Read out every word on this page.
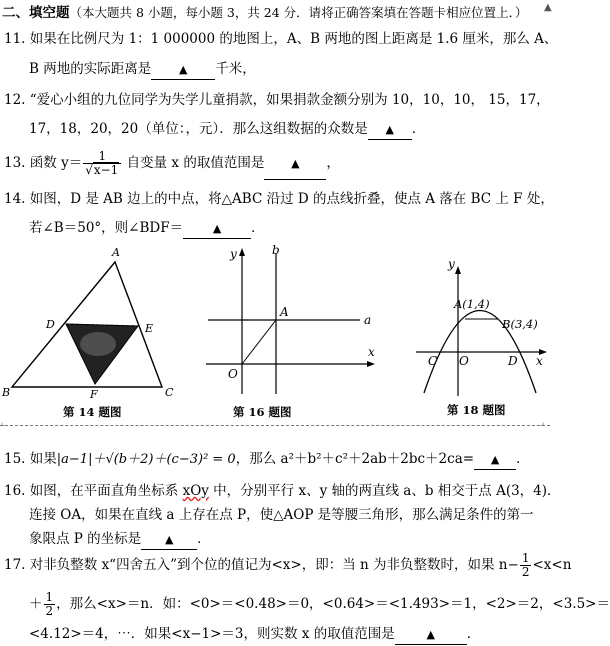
二、填空题（本大题共 8 小题，每小题 3，共 24 分．请将正确答案填在答题卡相应位置上．） ▲
11. 如果在比例尺为 1：1 000000 的地图上，A、B 两地的图上距离是 1.6 厘米，那么 A、
B 两地的实际距离是	▲ 千米，
12. “爱心小组的九位同学为失学儿童捐款，如果捐款金额分别为 10，10，10， 15，17，
17，18，20，20（单位：，元）．那么这组数据的众数是 ▲ ．
13. 函数 $y= \frac{1}{√x-1}$ 自变量 x 的取值范围是 ▲ ，
14. 如图，D 是 AB 边上的中点，将△ABC 沿过 D 的点线折叠，使点 A 落在 BC 上 F 处，
若∠B＝50°，则∠BDF＝	▲ ．
A
B	C
D	E
F
第 14 题图
y	b
a
x
A
O
第 16 题图
A(1,4)
B(3,4)
y
C O	D x
第 18 题图
⌞	⌟
15. 如果|a−1|＋√(b＋2)＋(c−3)² = 0，那么 a²＋b²＋c²＋2ab＋2bc＋2ca= ▲ ．
16. 如图，在平面直角坐标系 xOy 中，分别平行 x、y 轴的两直线 a、b 相交于点 A(3，4)．
连接 OA，如果在直线 a 上存在点 P，使△AOP 是等腰三角形，那么满足条件的第一
象限点 P 的坐标是 ▲ ．
17. 对非负整数 x“四舍五入”到个位的值记为<x>，即：当 n 为非负整数时，如果 $n- \frac{1}{2} <x<n$
＋ $\frac{1}{2}$ ，那么<x>＝n．如：<0>＝<0.48>＝0，<0.64>＝<1.493>＝1，<2>＝2，<3.5>＝
<4.12>＝4，⋯．如果<x−1>＝3，则实数 x 的取值范围是	▲ ．
